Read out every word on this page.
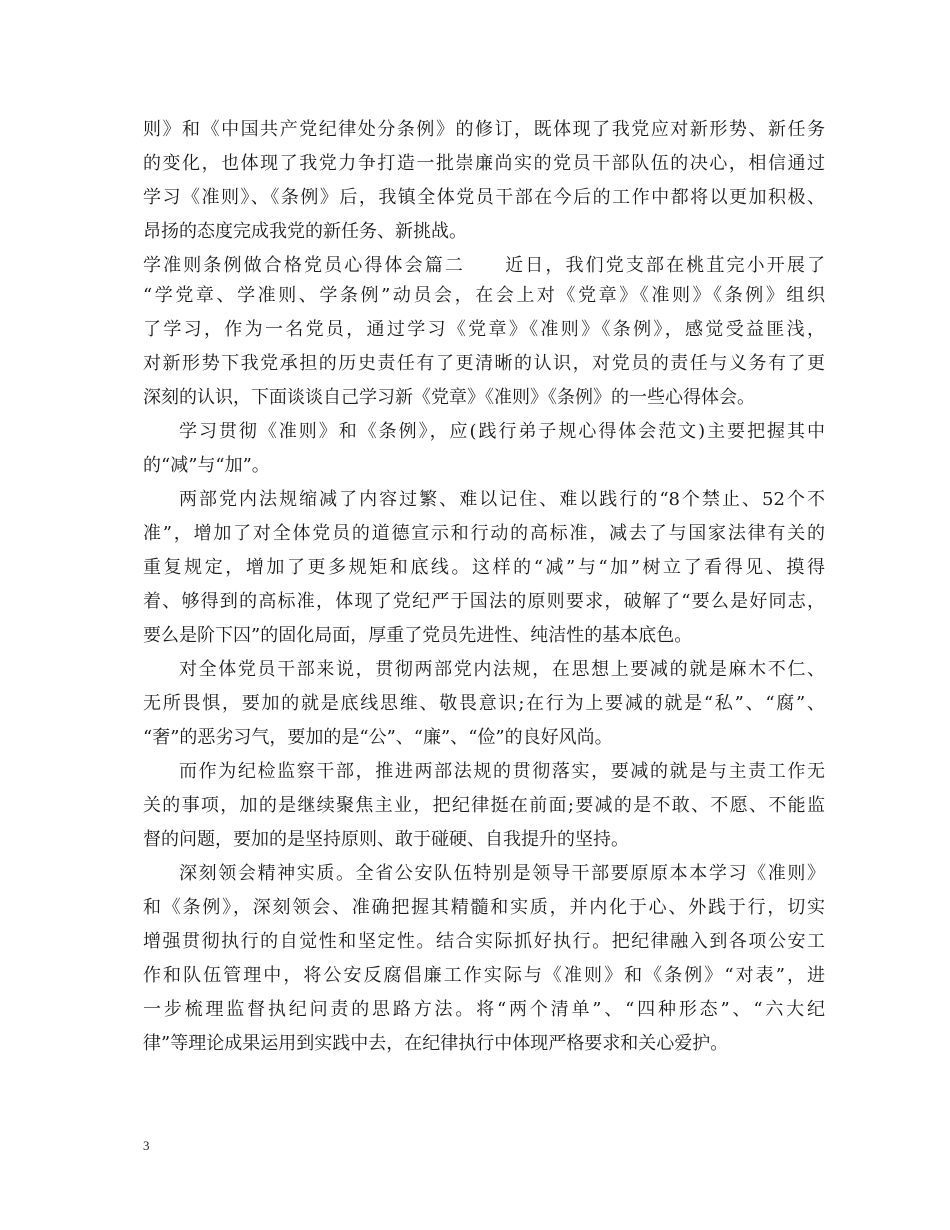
则》和《中国共产党纪律处分条例》的修订，既体现了我党应对新形势、新任务
的变化，也体现了我党力争打造一批崇廉尚实的党员干部队伍的决心，相信通过
学习《准则》、《条例》后，我镇全体党员干部在今后的工作中都将以更加积极、
昂扬的态度完成我党的新任务、新挑战。
学准则条例做合格党员心得体会篇二　　近日，我们党支部在桃苴完小开展了
“学党章、学准则、学条例”动员会，在会上对《党章》《准则》《条例》组织
了学习，作为一名党员，通过学习《党章》《准则》《条例》，感觉受益匪浅，
对新形势下我党承担的历史责任有了更清晰的认识，对党员的责任与义务有了更
深刻的认识，下面谈谈自己学习新《党章》《准则》《条例》的一些心得体会。
学习贯彻《准则》和《条例》，应(践行弟子规心得体会范文)主要把握其中
的“减”与“加”。
两部党内法规缩减了内容过繁、难以记住、难以践行的“8个禁止、52个不
准”，增加了对全体党员的道德宣示和行动的高标准，减去了与国家法律有关的
重复规定，增加了更多规矩和底线。这样的“减”与“加”树立了看得见、摸得
着、够得到的高标准，体现了党纪严于国法的原则要求，破解了“要么是好同志，
要么是阶下囚”的固化局面，厚重了党员先进性、纯洁性的基本底色。
对全体党员干部来说，贯彻两部党内法规，在思想上要减的就是麻木不仁、
无所畏惧，要加的就是底线思维、敬畏意识;在行为上要减的就是“私”、“腐”、
“奢”的恶劣习气，要加的是“公”、“廉”、“俭”的良好风尚。
而作为纪检监察干部，推进两部法规的贯彻落实，要减的就是与主责工作无
关的事项，加的是继续聚焦主业，把纪律挺在前面;要减的是不敢、不愿、不能监
督的问题，要加的是坚持原则、敢于碰硬、自我提升的坚持。
深刻领会精神实质。全省公安队伍特别是领导干部要原原本本学习《准则》
和《条例》，深刻领会、准确把握其精髓和实质，并内化于心、外践于行，切实
增强贯彻执行的自觉性和坚定性。结合实际抓好执行。把纪律融入到各项公安工
作和队伍管理中，将公安反腐倡廉工作实际与《准则》和《条例》“对表”，进
一步梳理监督执纪问责的思路方法。将“两个清单”、“四种形态”、“六大纪
律”等理论成果运用到实践中去，在纪律执行中体现严格要求和关心爱护。
3
